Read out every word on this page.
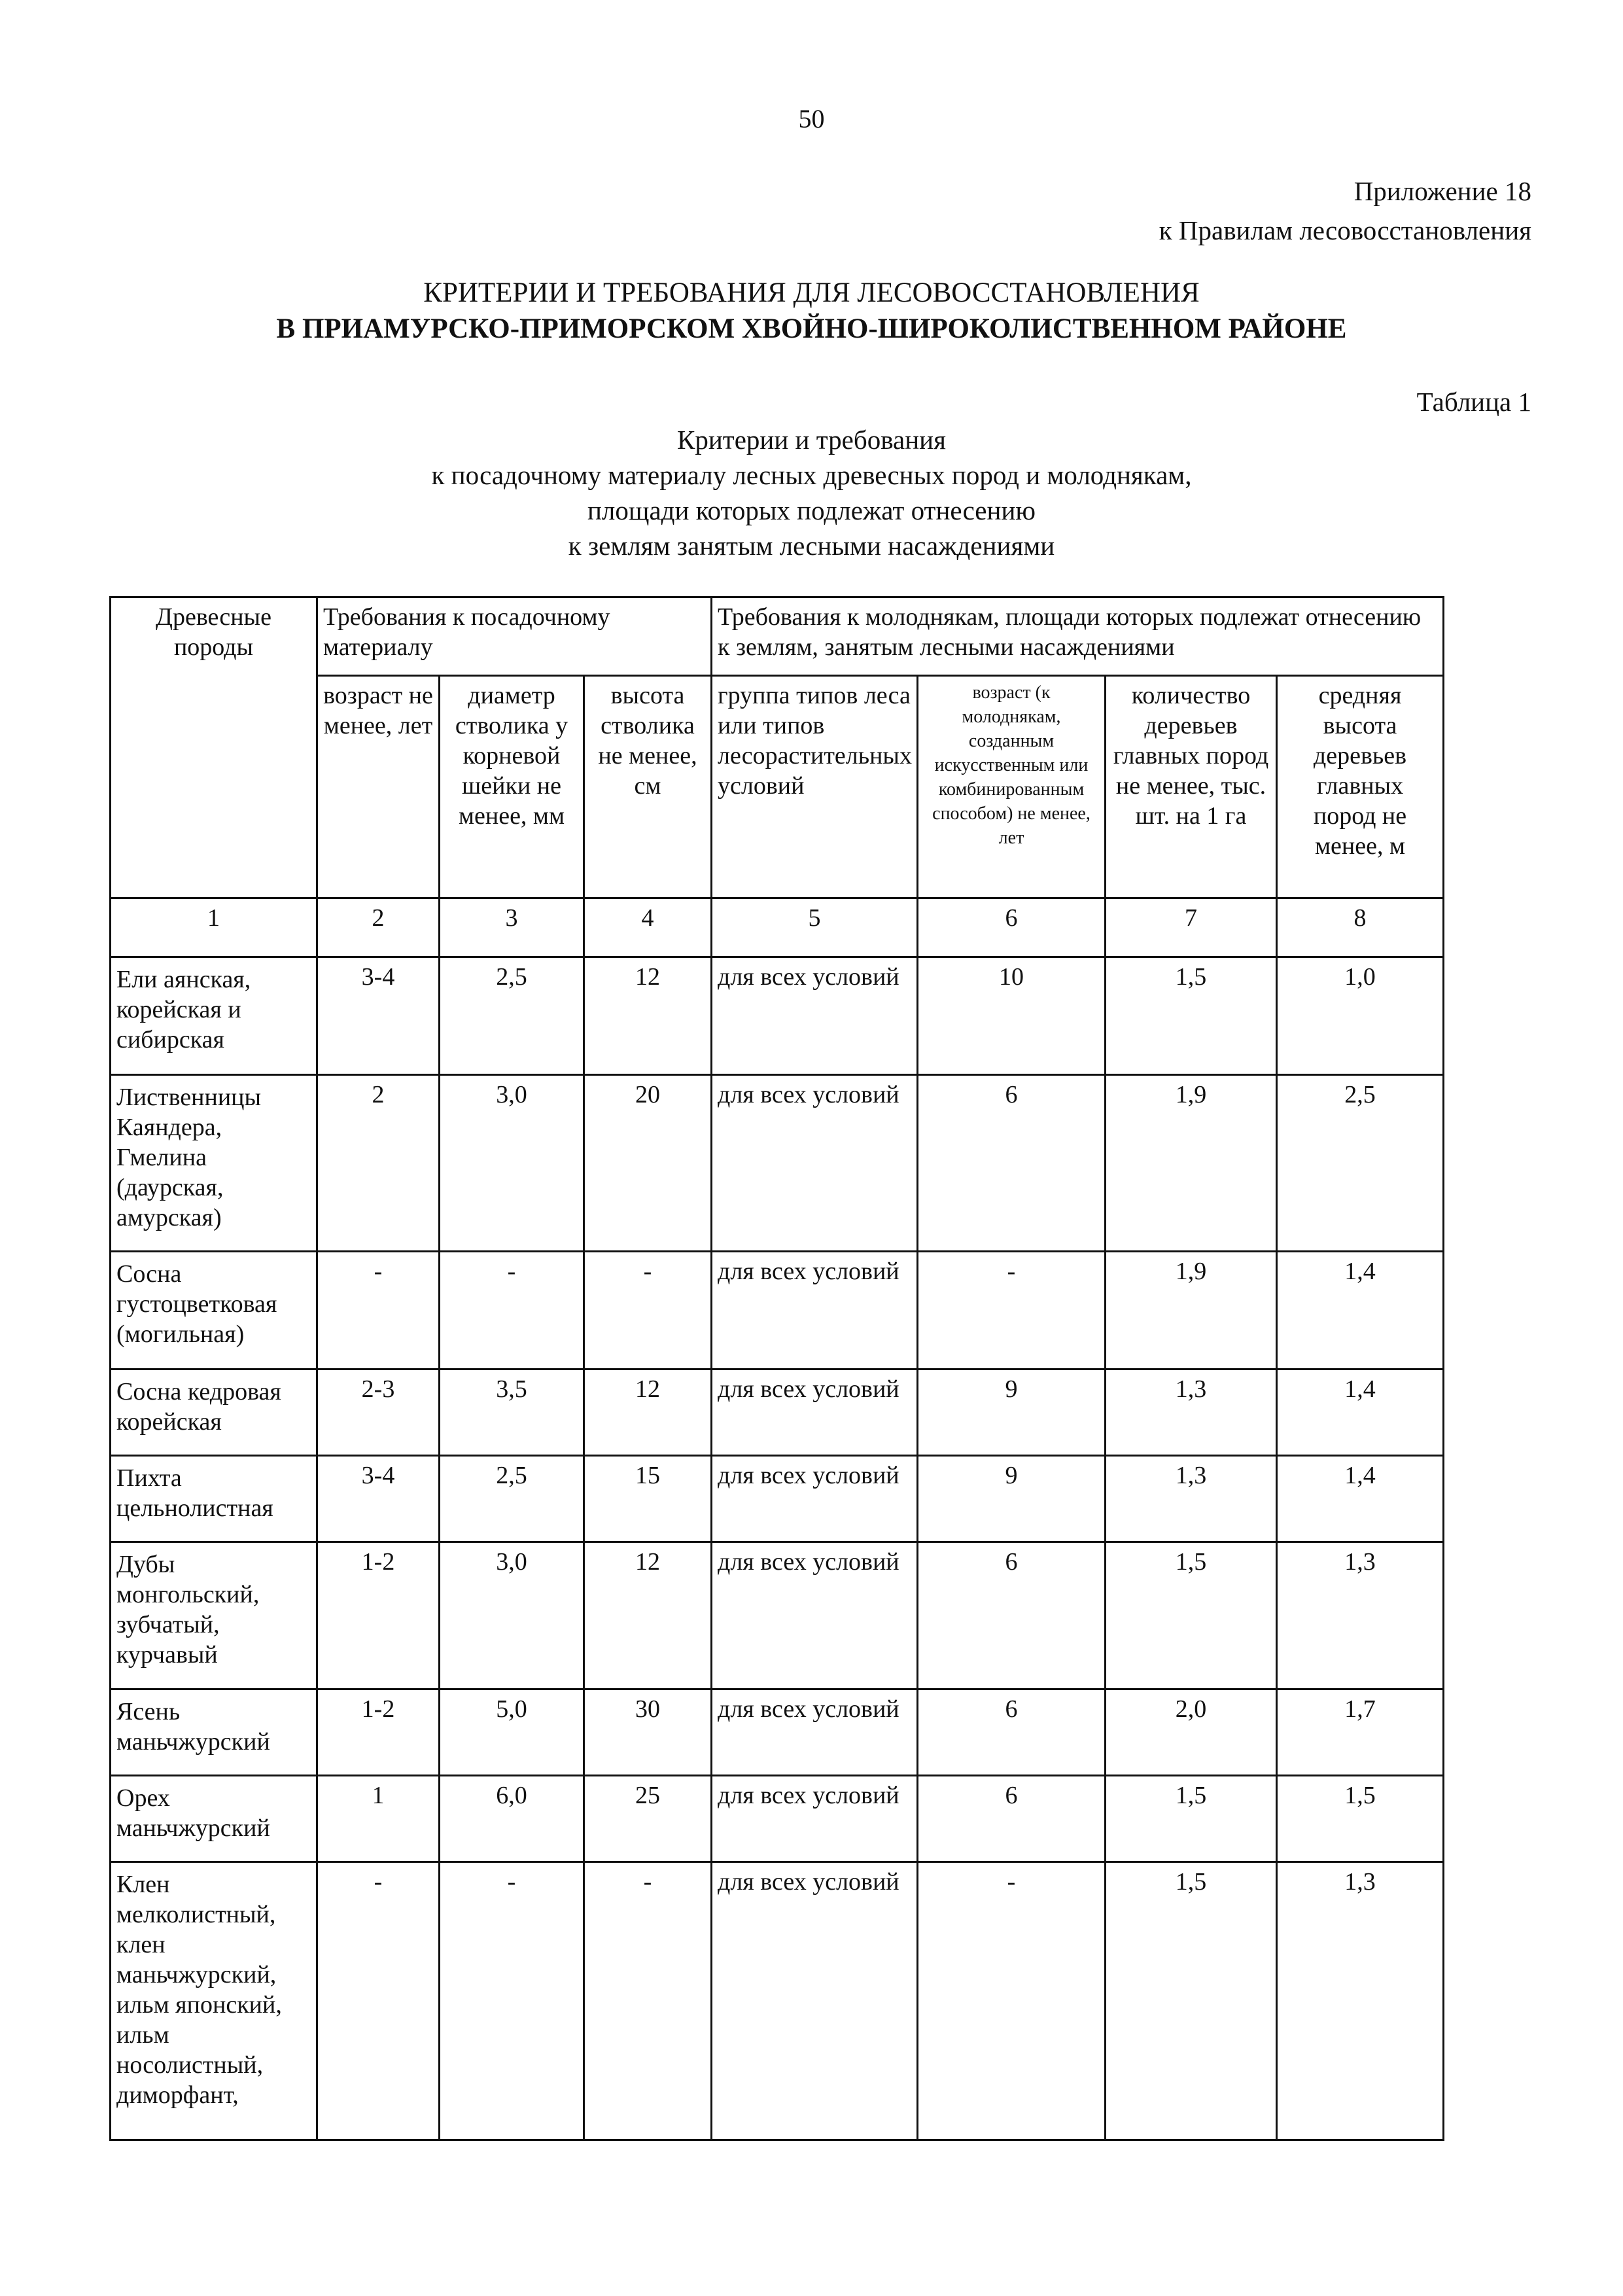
50
Приложение 18
к Правилам лесовосстановления
КРИТЕРИИ И ТРЕБОВАНИЯ ДЛЯ ЛЕСОВОССТАНОВЛЕНИЯ
В ПРИАМУРСКО-ПРИМОРСКОМ ХВОЙНО-ШИРОКОЛИСТВЕННОМ РАЙОНЕ
Таблица 1
Критерии и требования
к посадочному материалу лесных древесных пород и молоднякам,
площади которых подлежат отнесению
к землям занятым лесными насаждениями
Древесные породы	Требования к посадочному материалу			Требования к молоднякам, площади которых подлежат отнесению к землям, занятым лесными насаждениями			
	возраст не менее, лет	диаметр стволика у корневой шейки не менее, мм	высота стволика не менее, см	группа типов леса или типов лесорастительных условий	возраст (к молоднякам, созданным искусственным или комбинированным способом) не менее, лет	количество деревьев главных пород не менее, тыс. шт. на 1 га	средняя высота деревьев главных пород не менее, м
1	2	3	4	5	6	7	8
Ели аянская, корейская и сибирская	3-4	2,5	12	для всех условий	10	1,5	1,0
Лиственницы Каяндера, Гмелина (даурская, амурская)	2	3,0	20	для всех условий	6	1,9	2,5
Сосна густоцветковая (могильная)	-	-	-	для всех условий	-	1,9	1,4
Сосна кедровая корейская	2-3	3,5	12	для всех условий	9	1,3	1,4
Пихта цельнолистная	3-4	2,5	15	для всех условий	9	1,3	1,4
Дубы монгольский, зубчатый, курчавый	1-2	3,0	12	для всех условий	6	1,5	1,3
Ясень маньчжурский	1-2	5,0	30	для всех условий	6	2,0	1,7
Орех маньчжурский	1	6,0	25	для всех условий	6	1,5	1,5
Клен мелколистный, клен маньчжурский, ильм японский, ильм носолистный, диморфант,	-	-	-	для всех условий	-	1,5	1,3
